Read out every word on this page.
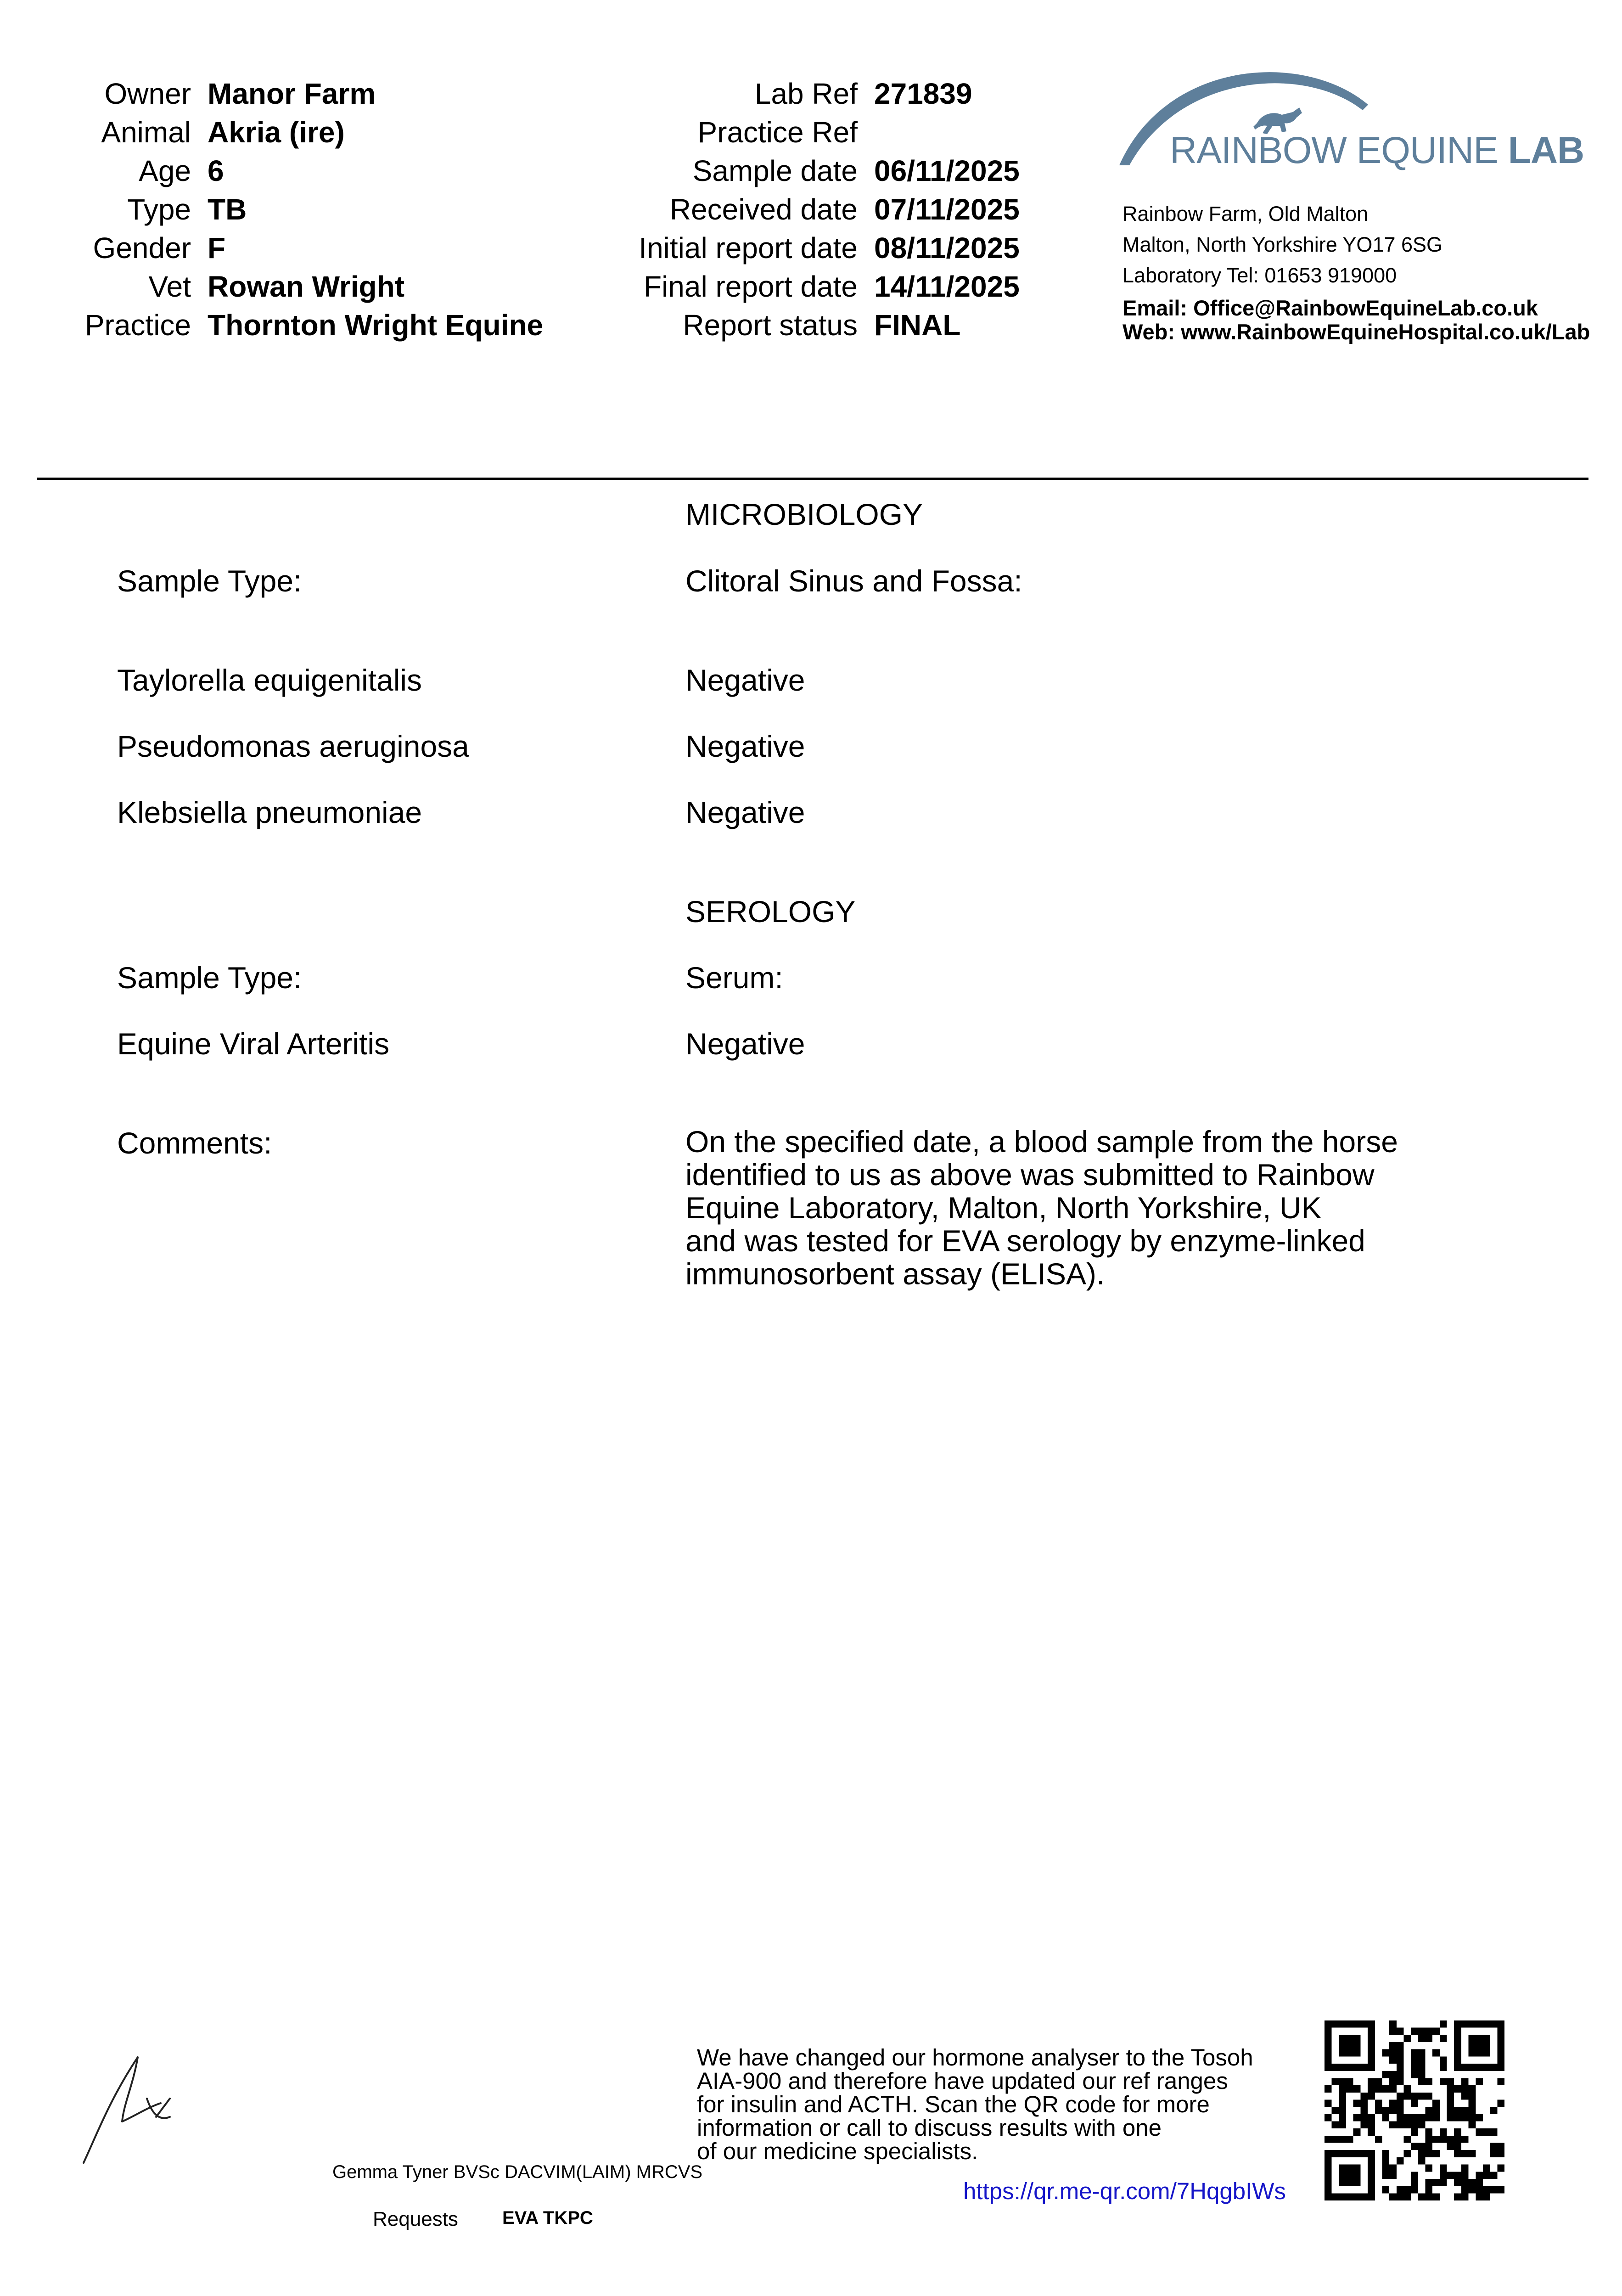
Owner Manor Farm
Animal Akria (ire)
Age 6
Type TB
Gender F
Vet Rowan Wright
Practice Thornton Wright Equine
Lab Ref 271839
Practice Ref
Sample date 06/11/2025
Received date 07/11/2025
Initial report date 08/11/2025
Final report date 14/11/2025
Report status FINAL
RAINBOW EQUINE LAB
Rainbow Farm, Old Malton
Malton, North Yorkshire YO17 6SG
Laboratory Tel: 01653 919000
Email: Office@RainbowEquineLab.co.uk
Web: www.RainbowEquineHospital.co.uk/Lab
MICROBIOLOGY
Sample Type:	Clitoral Sinus and Fossa:
Taylorella equigenitalis	Negative
Pseudomonas aeruginosa	Negative
Klebsiella pneumoniae	Negative
SEROLOGY
Sample Type:	Serum:
Equine Viral Arteritis	Negative
Comments:	On the specified date, a blood sample from the horse
identified to us as above was submitted to Rainbow
Equine Laboratory, Malton, North Yorkshire, UK
and was tested for EVA serology by enzyme-linked
immunosorbent assay (ELISA).
Gemma Tyner BVSc DACVIM(LAIM) MRCVS
Requests EVA TKPC
We have changed our hormone analyser to the Tosoh
AIA-900 and therefore have updated our ref ranges
for insulin and ACTH. Scan the QR code for more
information or call to discuss results with one
of our medicine specialists.
https://qr.me-qr.com/7HqgbIWs
